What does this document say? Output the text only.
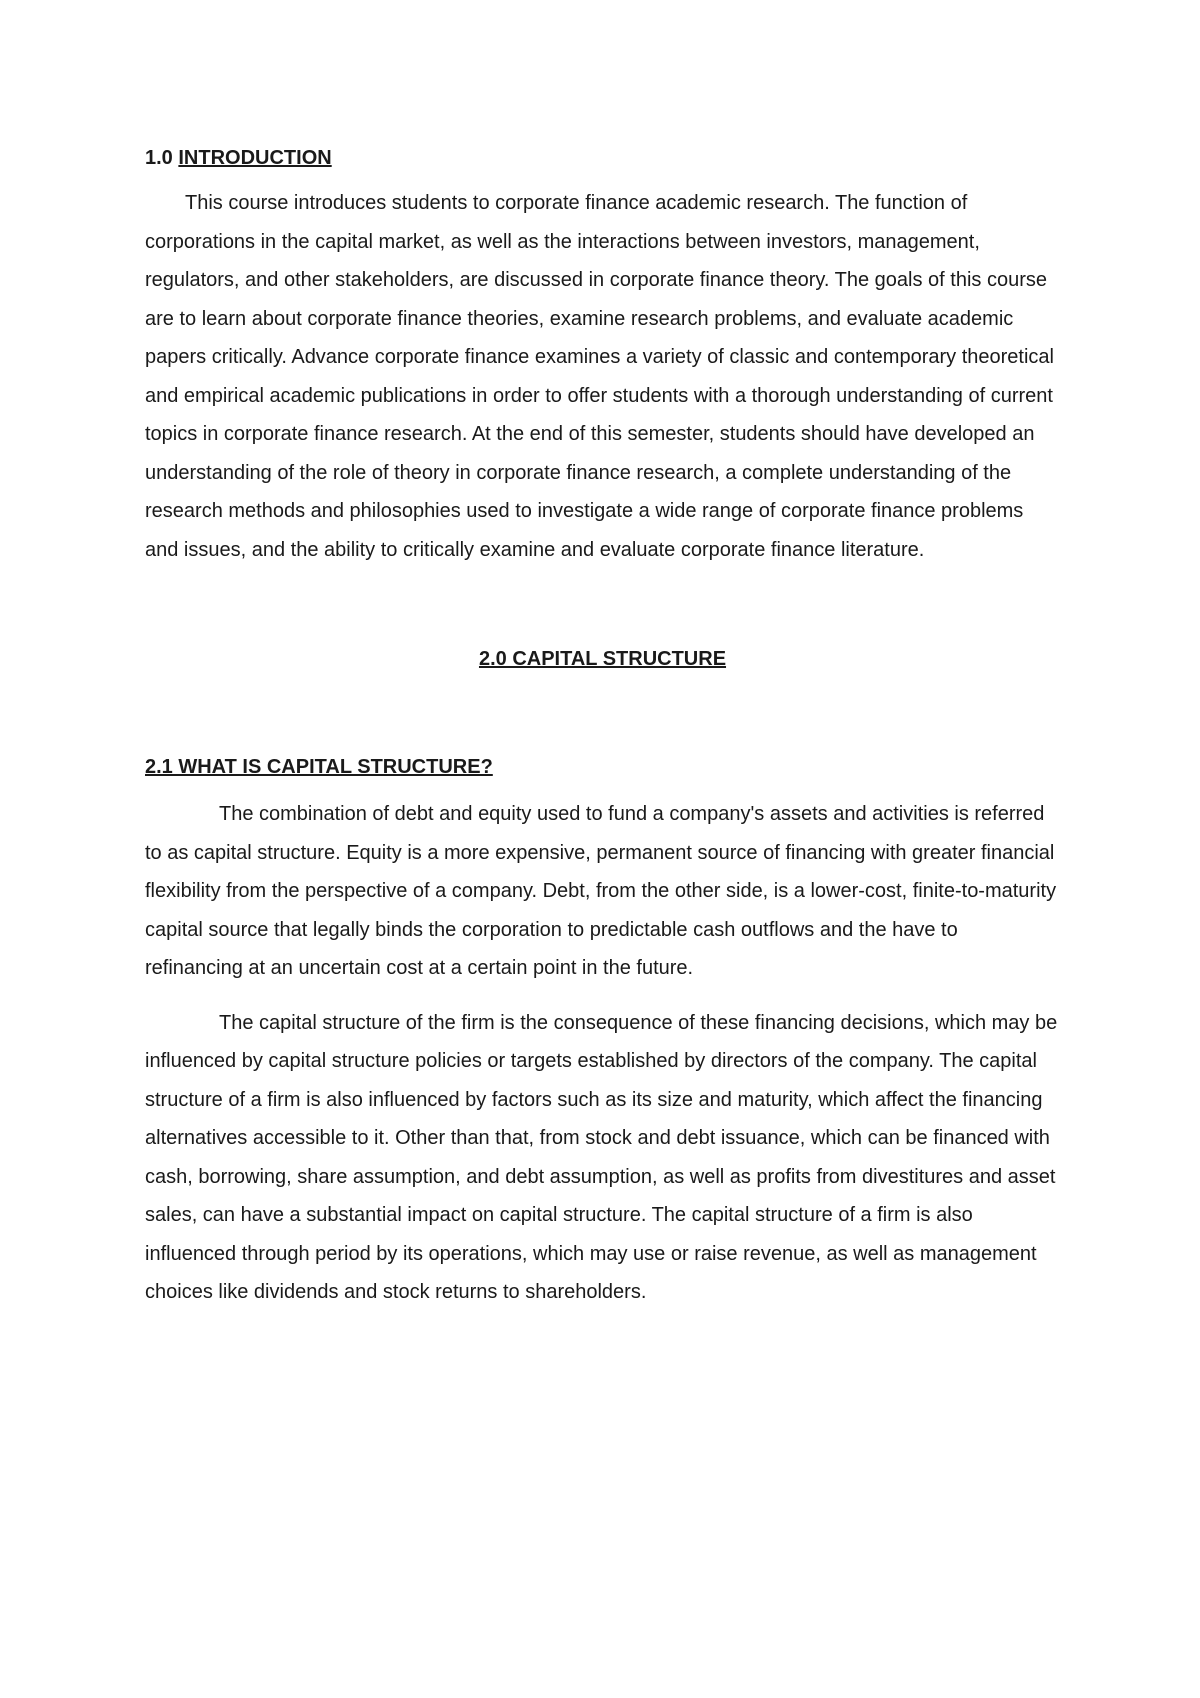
1.0 INTRODUCTION

This course introduces students to corporate finance academic research. The function of corporations in the capital market, as well as the interactions between investors, management, regulators, and other stakeholders, are discussed in corporate finance theory. The goals of this course are to learn about corporate finance theories, examine research problems, and evaluate academic papers critically. Advance corporate finance examines a variety of classic and contemporary theoretical and empirical academic publications in order to offer students with a thorough understanding of current topics in corporate finance research. At the end of this semester, students should have developed an understanding of the role of theory in corporate finance research, a complete understanding of the research methods and philosophies used to investigate a wide range of corporate finance problems and issues, and the ability to critically examine and evaluate corporate finance literature.

2.0 CAPITAL STRUCTURE
2.1 WHAT IS CAPITAL STRUCTURE?

The combination of debt and equity used to fund a company's assets and activities is referred to as capital structure. Equity is a more expensive, permanent source of financing with greater financial flexibility from the perspective of a company. Debt, from the other side, is a lower-cost, finite-to-maturity capital source that legally binds the corporation to predictable cash outflows and the have to refinancing at an uncertain cost at a certain point in the future.

The capital structure of the firm is the consequence of these financing decisions, which may be influenced by capital structure policies or targets established by directors of the company. The capital structure of a firm is also influenced by factors such as its size and maturity, which affect the financing alternatives accessible to it. Other than that, from stock and debt issuance, which can be financed with cash, borrowing, share assumption, and debt assumption, as well as profits from divestitures and asset sales, can have a substantial impact on capital structure. The capital structure of a firm is also influenced through period by its operations, which may use or raise revenue, as well as management choices like dividends and stock returns to shareholders.
